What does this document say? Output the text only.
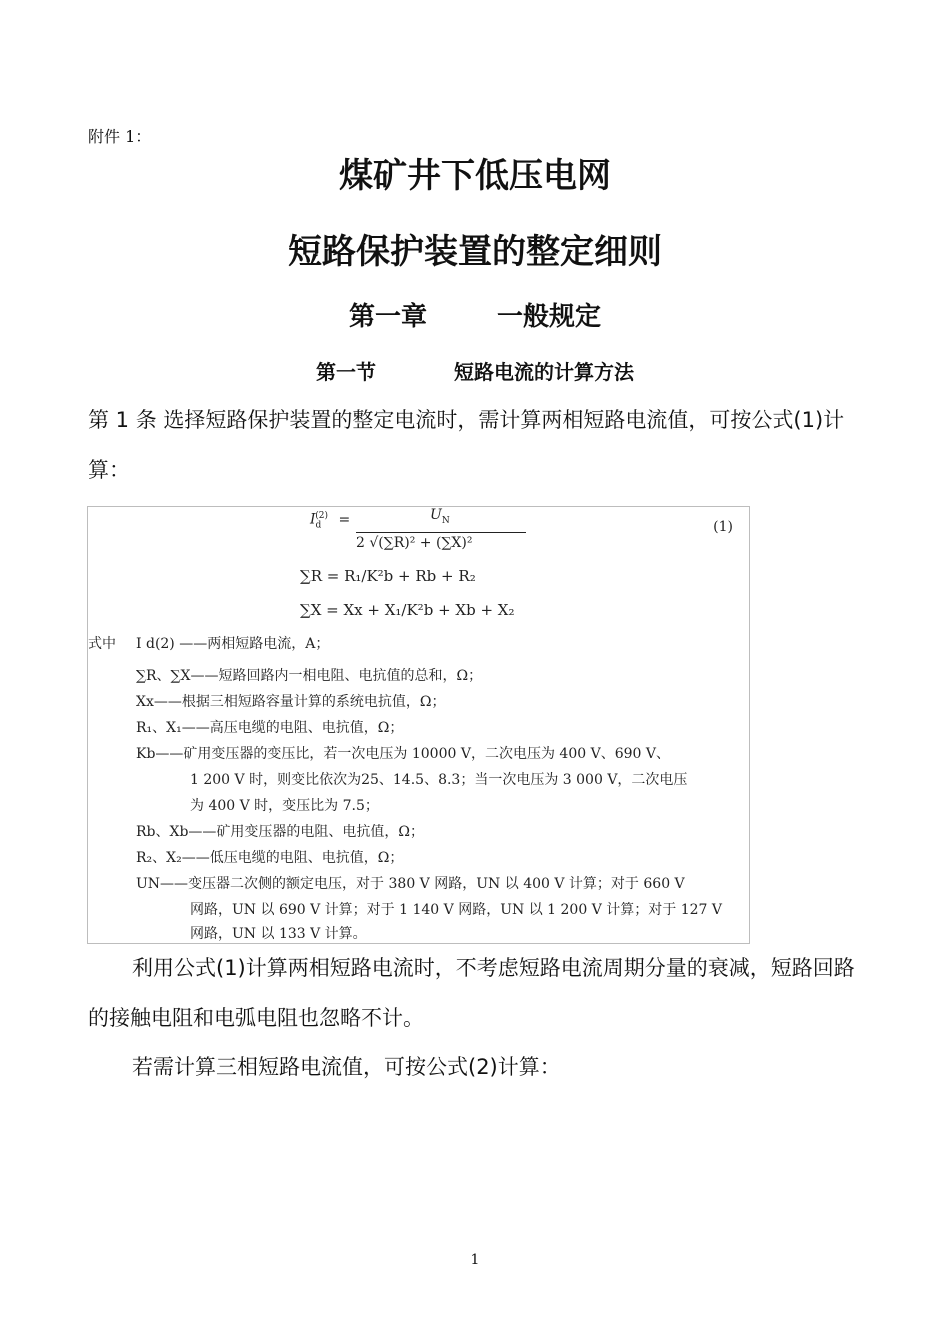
附件 1：
煤矿井下低压电网
短路保护装置的整定细则
第一章	一般规定
第一节	短路电流的计算方法
第 1 条 选择短路保护装置的整定电流时，需计算两相短路电流值，可按公式(1)计算：
$I_d^{(2)}$ =	$U_N$
2 √(∑R)² + (∑X)²
(1)
∑R = R₁/K²b + Rb + R₂
∑X = Xx + X₁/K²b + Xb + X₂
式中 I d(2) ——两相短路电流，A；
∑R、∑X——短路回路内一相电阻、电抗值的总和，Ω；
Xx——根据三相短路容量计算的系统电抗值，Ω；
R₁、X₁——高压电缆的电阻、电抗值，Ω；
Kb——矿用变压器的变压比，若一次电压为 10000 V，二次电压为 400 V、690 V、
1 200 V 时，则变比依次为25、14.5、8.3；当一次电压为 3 000 V，二次电压
为 400 V 时，变压比为 7.5；
Rb、Xb——矿用变压器的电阻、电抗值，Ω；
R₂、X₂——低压电缆的电阻、电抗值，Ω；
UN——变压器二次侧的额定电压，对于 380 V 网路，UN 以 400 V 计算；对于 660 V
网路，UN 以 690 V 计算；对于 1 140 V 网路，UN 以 1 200 V 计算；对于 127 V
网路，UN 以 133 V 计算。
利用公式(1)计算两相短路电流时，不考虑短路电流周期分量的衰减，短路回路的接触电阻和电弧电阻也忽略不计。
若需计算三相短路电流值，可按公式(2)计算：
1
